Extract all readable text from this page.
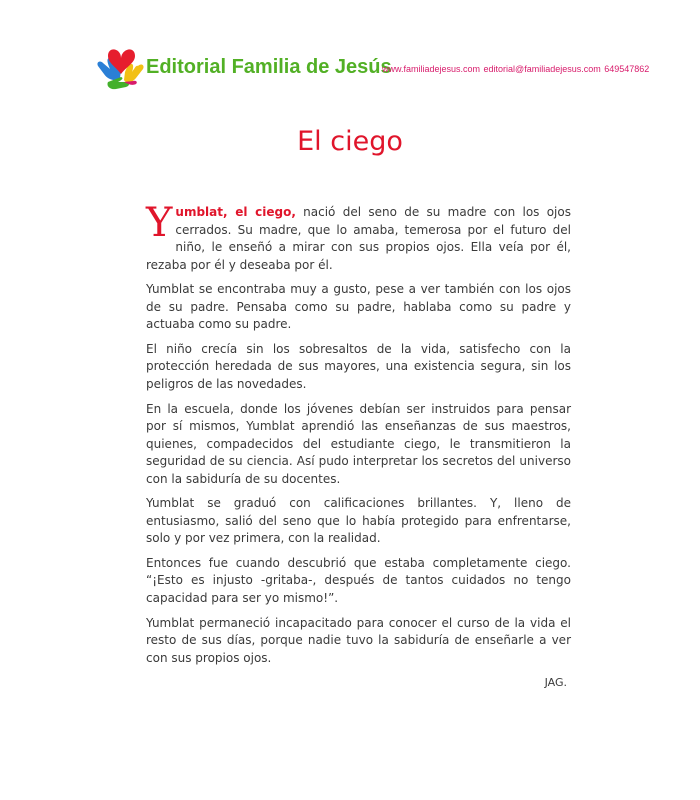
Editorial Familia de Jesús
www.familiadejesus.com editorial@familiadejesus.com 649547862
El ciego

Yumblat, el ciego, nació del seno de su madre con los ojos cerrados. Su madre, que lo amaba, temerosa por el futuro del niño, le enseñó a mirar con sus propios ojos. Ella veía por él, rezaba por él y deseaba por él.

Yumblat se encontraba muy a gusto, pese a ver también con los ojos de su padre. Pensaba como su padre, hablaba como su padre y actuaba como su padre.

El niño crecía sin los sobresaltos de la vida, satisfecho con la protección heredada de sus mayores, una existencia segura, sin los peligros de las novedades.

En la escuela, donde los jóvenes debían ser instruidos para pensar por sí mismos, Yumblat aprendió las enseñanzas de sus maestros, quienes, compadecidos del estudiante ciego, le transmitieron la seguridad de su ciencia. Así pudo interpretar los secretos del universo con la sabiduría de su docentes.

Yumblat se graduó con calificaciones brillantes. Y, lleno de entusiasmo, salió del seno que lo había protegido para enfrentarse, solo y por vez primera, con la realidad.

Entonces fue cuando descubrió que estaba completamente ciego. “¡Esto es injusto -gritaba-, después de tantos cuidados no tengo capacidad para ser yo mismo!”.

Yumblat permaneció incapacitado para conocer el curso de la vida el resto de sus días, porque nadie tuvo la sabiduría de enseñarle a ver con sus propios ojos.

JAG.
